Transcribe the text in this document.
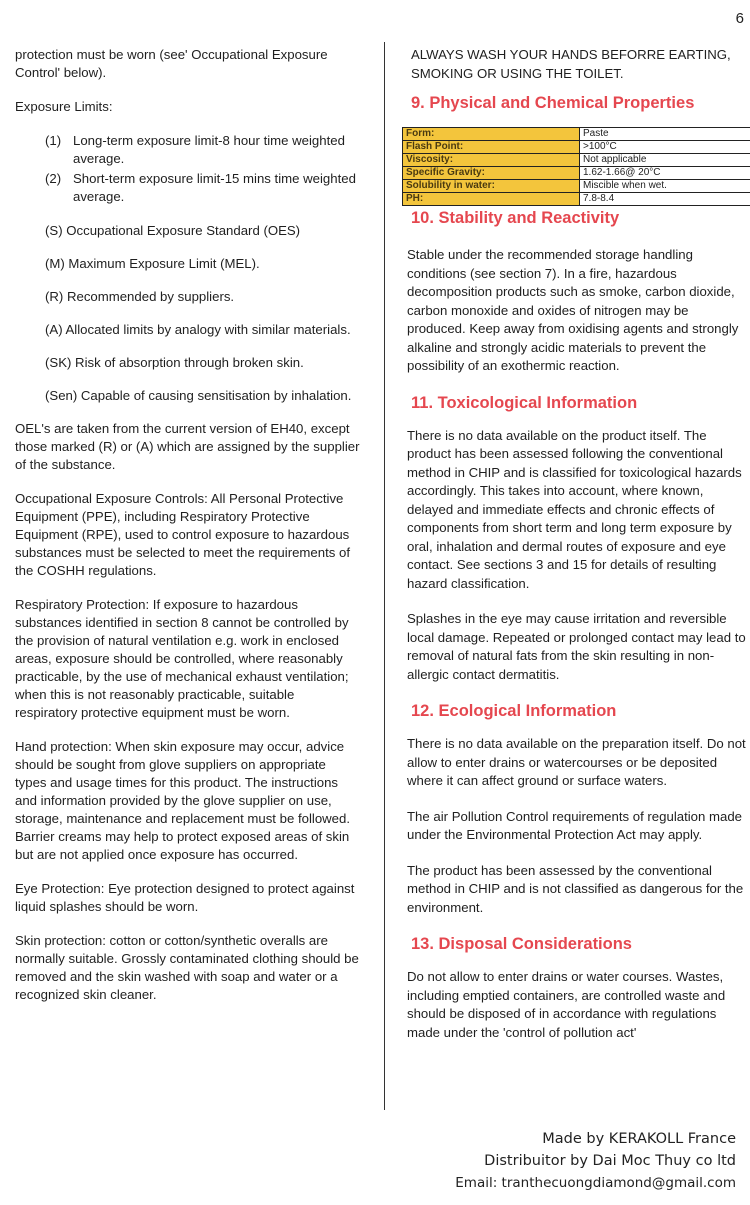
6

protection must be worn (see' Occupational Exposure Control' below).

Exposure Limits:

(1) Long-term exposure limit-8 hour time weighted average.
(2) Short-term exposure limit-15 mins time weighted average.

(S) Occupational Exposure Standard (OES)

(M) Maximum Exposure Limit (MEL).

(R) Recommended by suppliers.

(A) Allocated limits by analogy with similar materials.

(SK) Risk of absorption through broken skin.

(Sen) Capable of causing sensitisation by inhalation.

OEL's are taken from the current version of EH40, except those marked (R) or (A) which are assigned by the supplier of the substance.

Occupational Exposure Controls: All Personal Protective Equipment (PPE), including Respiratory Protective Equipment (RPE), used to control exposure to hazardous substances must be selected to meet the requirements of the COSHH regulations.

Respiratory Protection: If exposure to hazardous substances identified in section 8 cannot be controlled by the provision of natural ventilation e.g. work in enclosed areas, exposure should be controlled, where reasonably practicable, by the use of mechanical exhaust ventilation; when this is not reasonably practicable, suitable respiratory protective equipment must be worn.

Hand protection: When skin exposure may occur, advice should be sought from glove suppliers on appropriate types and usage times for this product. The instructions and information provided by the glove supplier on use, storage, maintenance and replacement must be followed. Barrier creams may help to protect exposed areas of skin but are not applied once exposure has occurred.

Eye Protection: Eye protection designed to protect against liquid splashes should be worn.

Skin protection: cotton or cotton/synthetic overalls are normally suitable. Grossly contaminated clothing should be removed and the skin washed with soap and water or a recognized skin cleaner.

ALWAYS WASH YOUR HANDS BEFORRE EARTING, SMOKING OR USING THE TOILET.

9. Physical and Chemical Properties
Form:	Paste
Flash Point:	>100°C
Viscosity:	Not applicable
Specific Gravity:	1.62-1.66@ 20°C
Solubility in water:	Miscible when wet.
PH:	7.8-8.4
10. Stability and Reactivity

Stable under the recommended storage handling conditions (see section 7). In a fire, hazardous decomposition products such as smoke, carbon dioxide, carbon monoxide and oxides of nitrogen may be produced. Keep away from oxidising agents and strongly alkaline and strongly acidic materials to prevent the possibility of an exothermic reaction.

11. Toxicological Information

There is no data available on the product itself. The product has been assessed following the conventional method in CHIP and is classified for toxicological hazards accordingly. This takes into account, where known, delayed and immediate effects and chronic effects of components from short term and long term exposure by oral, inhalation and dermal routes of exposure and eye contact. See sections 3 and 15 for details of resulting hazard classification.

Splashes in the eye may cause irritation and reversible local damage. Repeated or prolonged contact may lead to removal of natural fats from the skin resulting in non-allergic contact dermatitis.

12. Ecological Information

There is no data available on the preparation itself. Do not allow to enter drains or watercourses or be deposited where it can affect ground or surface waters.

The air Pollution Control requirements of regulation made under the Environmental Protection Act may apply.

The product has been assessed by the conventional method in CHIP and is not classified as dangerous for the environment.

13. Disposal Considerations

Do not allow to enter drains or water courses. Wastes, including emptied containers, are controlled waste and should be disposed of in accordance with regulations made under the 'control of pollution act'

Made by KERAKOLL France
Distribuitor by Dai Moc Thuy co ltd
Email: tranthecuongdiamond@gmail.com
